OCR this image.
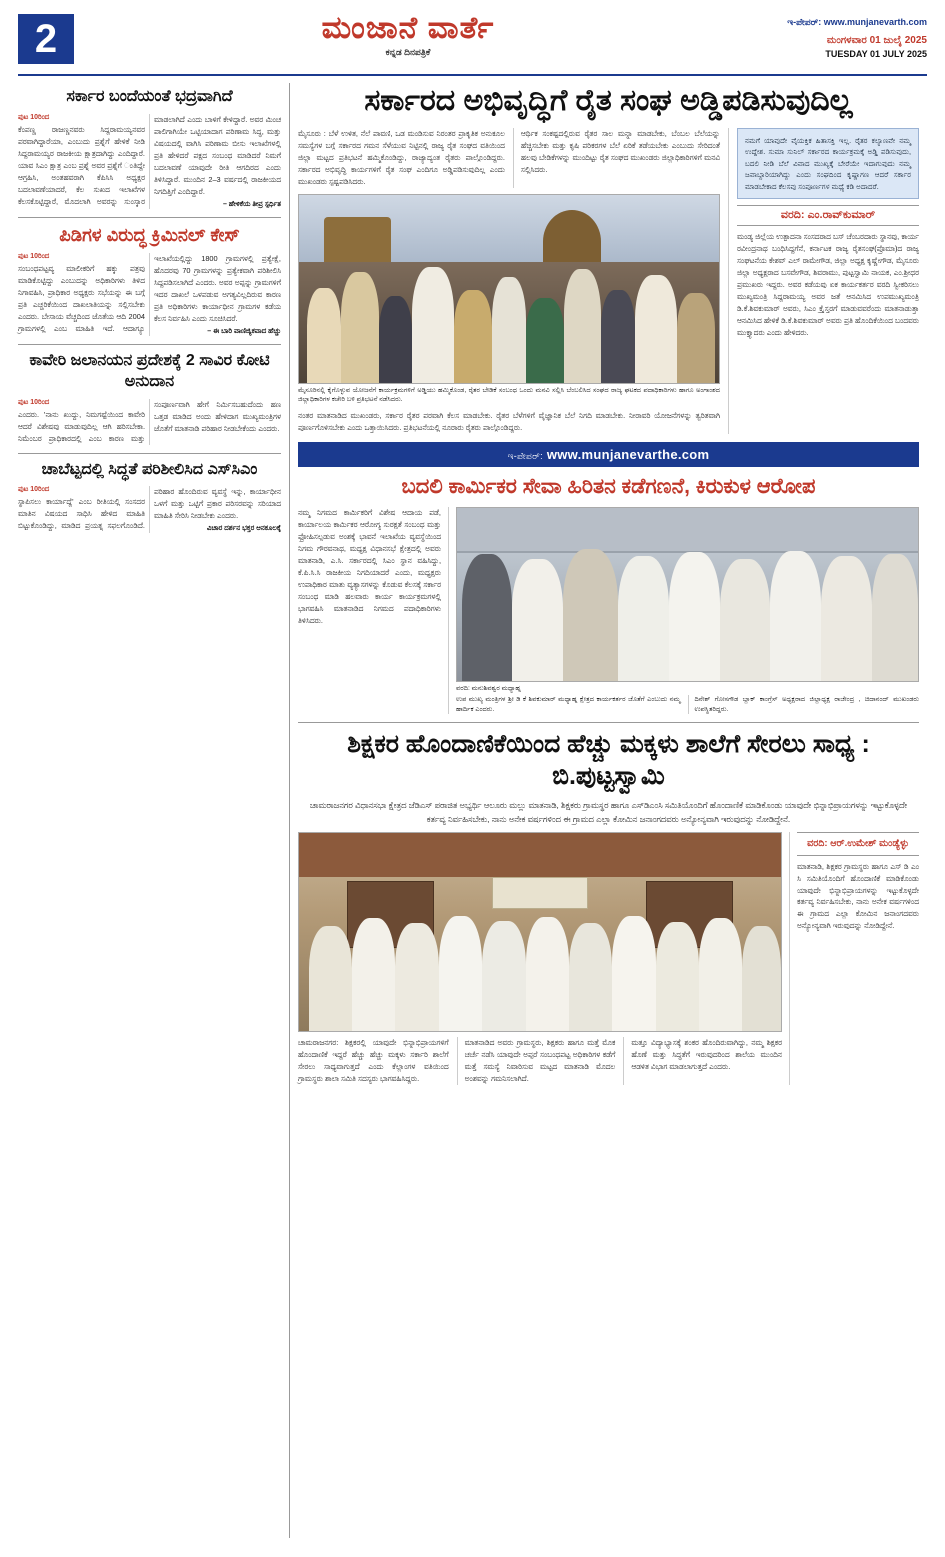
2	ಮಂಜಾನೆ ವಾರ್ತೆ
ಕನ್ನಡ ದಿನಪತ್ರಿಕೆ
ಇ-ಪೇಪರ್: www.munjanevarth.com
ಮಂಗಳವಾರ 01 ಜುಲೈ 2025
TUESDAY 01 JULY 2025
ಸರ್ಕಾರ ಬಂದೆಯಂತೆ ಭದ್ರವಾಗಿದೆ
ಪುಟ 10ರಿಂದ
ಕೆಂಪಣ್ಣ ರಾಜಣ್ಣನವರು ಸಿದ್ದರಾಮಯ್ಯನವರ ಪರವಾಗಿದ್ದಾರೆಯಾ, ಎಂಬುದು ಪ್ರಶ್ನೆಗೆ ಹೇಳಿಕೆ ನೀಡಿ ಸಿದ್ದರಾಮಯ್ಯರ ರಾಜಕೀಯ ಕ್ಷಾತ್ರದಾಗಿದ್ದು ಎಂದಿದ್ದಾರೆ. ಯಾವ ಸಿಎಂ ಕ್ಷಾತ್ರ ಎಂಬ ಪ್ರಶ್ನೆ ಅವರ ಪ್ರಶ್ನೆಗೆ ಂತಿದ್ದೇ ಆಗ್ರಹಿಸಿ, ಅಂತಹವರಾಗಿ ಕೆಪಿಸಿಸಿ ಅಧ್ಯಕ್ಷರ ಬದಲಾವಣೆಯಾದರೆ, ಕೆಲ ಸುಖದ ಇಲಾಖೆಗಳ ಕೆಲಸಕೊಟ್ಟಿದ್ದಾರೆ, ಮೊದಲಾಗಿ ಅವರನ್ನು ಸುಂಸ್ಕಾರ ಮಾಡಲಾಗಿದೆ ಎಂದು ಬಾಳಿಗೆ ಕೇಳಿದ್ದಾರೆ. ಅವರ ಮಿಂಚ ಪಾಲಿಗಾಗಿಯೇ ಒಟ್ಟಿಯಾದಾಗ ಪರಿಣಾಮ ಸಿದ್ಧ, ಮತ್ತು ವಿಷಯದಲ್ಲಿ ವಾಗಿಸಿ ಪರಿಣಾಮ ಬೀಸು ಇಲಾಖೆಗಳಲ್ಲಿ ಪ್ರತಿ ಹೇಳಿದರೆ ಪಕ್ಷದ ಸಂಬಂಧ ಮಾಡಿದರೆ ನಿಮಗೆ ಬದಲಾವಣೆ ಯಾವುದೇ ರೀತಿ ಆಗದಿರದ ಎಂದು ತಿಳಿಸಿದ್ದಾರೆ. ಮುಂದಿನ 2–3 ವರ್ಷದಲ್ಲಿ ರಾಜಕೀಯದ ನಿಗದಿತ್ತಿಗೆ ಎಂದಿದ್ದಾರೆ.
– ಹೇಳಿಕೆಯ ತೀವ್ರ ಸ್ಪರ್ಧಿತ
ಪಿಡಿಗಳ ವಿರುದ್ಧ ಕ್ರಿಮಿನಲ್ ಕೇಸ್
ಪುಟ 10ರಿಂದ
ಸಂಬಂಧಪಟ್ಟವ್ಯ ಮಾಲೀಕರಿಗೆ ಹಕ್ಕು ಪತ್ರವು ಮಾಡಿಕೊಟ್ಟಿದ್ದು ಎಂಬುದನ್ನು ಅಧಿಕಾರಿಗಳು ತಿಳಿದ ನಿಗಾವಹಿಸಿ, ಪ್ರಾಧಿಕಾರ ಅಧ್ಯಕ್ಷರು ಸಭೆಯನ್ನು ಈ ಬಗ್ಗೆ ಪ್ರತಿ ಎಚ್ಚರಿಕೆಯಿಂದ ದಾಖಲಾತಿಯನ್ನು ಸಲ್ಲಿಸಬೇಕು ಎಂದರು. ಬೇಸಾಯ ವೆಚ್ಚದಿಂದ ಜೊತೆಯ ಆದಿ 2004 ಗ್ರಾಮಗಳಲ್ಲಿ ಎಂಬ ಮಾಹಿತಿ ಇದೆ. ಆದಾಗ್ಯೂ ಇಲಾಖೆಯಲ್ಲಿದ್ದು 1800 ಗ್ರಾಮಗಳಲ್ಲಿ ಪ್ರತ್ಯೇಕ್ಷೆ, ಹೊದರವು 70 ಗ್ರಾಮಗಳನ್ನು ಪ್ರತ್ಯೇಕವಾಗಿ ಪರಿಶೀಲಿಸಿ ಸಿದ್ದಪಡಿಸಲಾಗಿದೆ ಎಂದರು. ಅವರ ಅಪ್ಪನ್ನು ಗ್ರಾಮಗಳಿಗೆ ಇದರ ದಾಖಲೆ ಒಳಪಡುವ ಅಗತ್ಯವಿಲ್ಲದಿರುವ ಕಾರಣ ಪ್ರತಿ ಅಧಿಕಾರಿಗಳು ಕಾರ್ಯಾಧೀನ ಗ್ರಾಮಗಳ ಕಡೆಯ ಕೆಲಸ ನಿರ್ವಹಿಸಿ ಎಂದು ಸೂಚಿಸಿದರೆ.
– ಈ ಬಾರಿ ವಾಣಿಜ್ಯಿಕವಾದ ಹೆಚ್ಚು
ಕಾವೇರಿ ಜಲಾನಯನ ಪ್ರದೇಶಕ್ಕೆ 2 ಸಾವಿರ ಕೋಟಿ ಅನುದಾನ
ಪುಟ 10ರಿಂದ
ಎಂದರು. 'ನಾನು ಖುದ್ದು, ನಿಮಗಷ್ಟೆಯಿಂದ ಕಾವೇರಿ ಆದರೆ ವಿಶೇಷವು ಮಾಡುವುದಿಲ್ಲ ಆಗಿ ಹರಿಸಬೇಕಾ. ನಿಮೆಂಬರ ಪ್ರಾಧಿಕಾರದಲ್ಲಿ ಎಂಬ ಕಾರಣ ಮತ್ತು ಸಂಪೂರ್ಣವಾಗಿ ಹೇಗೆ ನಿರ್ಮಿಸಬಹುದೆಂದು ಹಣ ಒತ್ತಡ ಮಾಡಿದ ಅಂದು ಹೇಳಿದಾಗ ಮುಖ್ಯಮಂತ್ರಿಗಳ ಜೊತೆಗೆ ಮಾತನಾಡಿ ಪರಿಹಾರ ನೀಡಬೇಕೆಂದು ಎಂದರು.
ಚಾಬೆಟ್ಟದಲ್ಲಿ ಸಿದ್ಧತೆ ಪರಿಶೀಲಿಸಿದ ಎಸ್‌ಸಿಎಂ
ಪುಟ 10ರಿಂದ
ಸ್ಥಾಪಿಸಲು ಕಾರ್ಯಾದ್ದೆ' ಎಂಬ ರೀತಿಯಲ್ಲಿ ಸಂಸದರ ಮಾತಿನ ವಿಷಯದ ಸಾಧಿಸಿ ಹೇಳಿದ ಮಾಹಿತಿ ಬಿಟ್ಟುಕೊಂಡಿದ್ದು, ಮಾಡಿದ ಪ್ರಯತ್ನ ಸಫಲಗೊಂಡಿದೆ. ಪರಿಹಾರ ಹೊಂದಿರುವ ವ್ಯವಸ್ಥೆ ಇನ್ನು, ಕಾರ್ಯಾಧೀನ ಒಳಗೆ ಮತ್ತು ಒಟ್ಟಿಗೆ ಪ್ರಕಾರ ಪರಿಸರವನ್ನು ಸರಿಯಾದ ಮಾಹಿತಿ ಸೇರಿಸಿ ನೀಡಬೇಕು ಎಂದರು.
ವಿಚಾರ ದರ್ಶನ ಭಕ್ತರ ಆನಕೂಲಕ್ಕೆ
ಸರ್ಕಾರದ ಅಭಿವೃದ್ಧಿಗೆ ರೈತ ಸಂಘ ಅಡ್ಡಿಪಡಿಸುವುದಿಲ್ಲ
ಮೈಸೂರು : ಬೆಳೆ ಉಳಿತ, ನೆಲೆ ಪಾವಣಿ, ಒಡ ಮಂಡಿಸುವ ನಿರಂತರ ಪ್ರಾಕೃತಿಕ ಅನುಕೂಲ ಸಮಸ್ಯೆಗಳ ಬಗ್ಗೆ ಸರ್ಕಾರದ ಗಮನ ಸೆಳೆಯುವ ನಿಟ್ಟಿನಲ್ಲಿ ರಾಜ್ಯ ರೈತ ಸಂಘದ ವತಿಯಿಂದ ಜಿಲ್ಲಾ ಮಟ್ಟದ ಪ್ರತಿಭಟನೆ ಹಮ್ಮಿಕೊಂಡಿದ್ದು, ರಾಜ್ಯಾದ್ಯಂತ ರೈತರು ಪಾಲ್ಗೊಂಡಿದ್ದರು. ಸರ್ಕಾರದ ಅಭಿವೃದ್ಧಿ ಕಾರ್ಯಗಳಿಗೆ ರೈತ ಸಂಘ ಎಂದಿಗೂ ಅಡ್ಡಿಪಡಿಸುವುದಿಲ್ಲ ಎಂದು ಮುಖಂಡರು ಸ್ಪಷ್ಟಪಡಿಸಿದರು.
ಆರ್ಥಿಕ ಸಂಕಷ್ಟದಲ್ಲಿರುವ ರೈತರ ಸಾಲ ಮನ್ನಾ ಮಾಡಬೇಕು, ಬೆಂಬಲ ಬೆಲೆಯನ್ನು ಹೆಚ್ಚಿಸಬೇಕು ಮತ್ತು ಕೃಷಿ ಪರಿಕರಗಳ ಬೆಲೆ ಏರಿಕೆ ತಡೆಯಬೇಕು ಎಂಬುದು ಸೇರಿದಂತೆ ಹಲವು ಬೇಡಿಕೆಗಳನ್ನು ಮುಂದಿಟ್ಟು ರೈತ ಸಂಘದ ಮುಖಂಡರು ಜಿಲ್ಲಾಧಿಕಾರಿಗಳಿಗೆ ಮನವಿ ಸಲ್ಲಿಸಿದರು.
ಮೈಸೂರಿನಲ್ಲಿ ಕೈಗೊಳ್ಳುವ ಯೋಜನೆಗೆ ಕಾರ್ಯಕ್ರಮಗಳಿಗೆ ಅಡ್ಡಿಯು ಹಮ್ಮಿಕೊಂಡ, ರೈತರ ಬೇಡಿಕೆ ಸಂಬಂಧ ಒಂದು ಮನವಿ ಸಲ್ಲಿಸಿ ಬೆಂಬಲಿಸಿದ ಸಂಘದ ರಾಜ್ಯ ಘಟಕದ ಪದಾಧಿಕಾರಿಗಳು ಹಾಗೂ ಅಂಗಾಂಶದ ಜಿಲ್ಲಾಧಿಕಾರಿಗಳ ಕಚೇರಿ ಬಳಿ ಪ್ರತಿಭಟನೆ ನಡೆಸಿದರು.
ನಂತರ ಮಾತನಾಡಿದ ಮುಖಂಡರು, ಸರ್ಕಾರ ರೈತರ ಪರವಾಗಿ ಕೆಲಸ ಮಾಡಬೇಕು. ರೈತರ ಬೆಳೆಗಳಿಗೆ ವೈಜ್ಞಾನಿಕ ಬೆಲೆ ನಿಗದಿ ಮಾಡಬೇಕು. ನೀರಾವರಿ ಯೋಜನೆಗಳನ್ನು ತ್ವರಿತವಾಗಿ ಪೂರ್ಣಗೊಳಿಸಬೇಕು ಎಂದು ಒತ್ತಾಯಿಸಿದರು. ಪ್ರತಿಭಟನೆಯಲ್ಲಿ ನೂರಾರು ರೈತರು ಪಾಲ್ಗೊಂಡಿದ್ದರು.
ನಮಗೆ ಯಾವುದೇ ವೈಯಕ್ತಿಕ ಹಿತಾಸಕ್ತಿ ಇಲ್ಲ. ರೈತರ ಕಲ್ಯಾಣವೇ ನಮ್ಮ ಉದ್ದೇಶ. ಸುಮಾ ಸುನಿಲ್ ಸರ್ಕಾರದ ಕಾರ್ಯಕ್ರಮಕ್ಕೆ ಅಡ್ಡಿ ಪಡಿಸುವುದು, ಬದಲಿ ನೀಡಿ ಬೆಲೆ ವಿವಾದ ಮುಖ್ಯಕ್ಕೆ ಬೇರೆಯೇ ಇದಾಗುವುದು ನಮ್ಮ ಜವಾಬ್ದಾರಿಯಾಗಿದ್ದು ಎಂದು ಸಂಘದಿಂದ ಕೃಷ್ಣಾಗಣ ಆದರೆ ಸರ್ಕಾರ ಮಾಡಬೇಕಾದ ಕೆಲಸವು ಸಂಪೂರ್ಣಗಳ ಮಧ್ಯೆ ಕಡಿ ಅದಾದರೆ.
ವರದಿ: ಎಂ.ರಾವ್‌ಕುಮಾರ್
ಮಂಡ್ಯ ಜಿಲ್ಲೆಯ ಉತ್ಪಾದನಾ ಸಂಸದರಾದ ಬಸ್ ಚೆಂಬರದಾರು ಸ್ಥಾನವು, ಕಾರ್ಯ ರವೀಂದ್ರನಾಥ ಬಂಧಿಸಿದ್ದಗೆನೆ, ಕರ್ನಾಟಕ ರಾಜ್ಯ ರೈತಸಂಘ(ಪ್ರೊಮಾ)ದ ರಾಜ್ಯ ಸಂಘಟನೆಯ ಕೇಶವ್ ಎಲ್ ರಾಮೇಗೌಡ, ಜಿಲ್ಲಾ ಅಧ್ಯಕ್ಷ ಕೃಷ್ಣೇಗೌಡ, ಮೈಸೂರು ಜಿಲ್ಲಾ ಅಧ್ಯಕ್ಷರಾದ ಬಸವೇಗೌಡ, ಶಿವರಾಮು, ಪುಟ್ಟಸ್ವಾಮಿ ನಾಯಕ, ಎಂ.ಶ್ರೀಧರ ಪ್ರಮುಖರು ಇದ್ದರು. ಅವರ ಕಡೆಯವು ಏಕ ಕಾರ್ಯಕರ್ತರ ವರದಿ ಸ್ವೀಕರಿಸಲು ಮುಖ್ಯಮಂತ್ರಿ ಸಿದ್ದರಾಮಯ್ಯ ಅವರ ಜತೆ ಆನಮಿಸಿದ ಉಪಮುಖ್ಯಮಂತ್ರಿ ಡಿ.ಕೆ.ಶಿವಕುಮಾರ್ ಅವರು, ಸಿಎಂ ಕ್ರೈಸ್ತರಗೆ ಮಾಡುವವರೆಂದು ಮಾತನಾಡುತ್ತಾ ಆನಮಿಸಿದ ಹೇಳಿಕೆ ಡಿ.ಕೆ.ಶಿವಕುಮಾರ್ ಅವರು ಪ್ರತಿ ಹೊಂದಿಕೆಯಿಂದ ಬಂದವರು ಮುಕ್ತ್ಯಾದರು ಎಂದು ಹೇಳಿದರು.
ಇ-ಪೇಪರ್: www.munjanevarthe.com
ಬದಲಿ ಕಾರ್ಮಿಕರ ಸೇವಾ ಹಿರಿತನ ಕಡೆಗಣನೆ, ಕಿರುಕುಳ ಆರೋಪ
ನಮ್ಮ ನಿಗಮದ ಕಾರ್ಮಿಕರಿಗೆ ವಿಶೇಷ ಆದಾಯ ಪಡೆ, ಕಾರ್ಯಾಲಯ ಕಾರ್ಮಿಕರ ಆರೋಗ್ಯ ಸುರಕ್ಷತೆ ಸಂಬಂಧ ಮತ್ತು ಫ್ರೋಹಿಸಲ್ಪಡುವ ಅಂಶಕ್ಕೆ ಭಾವನೆ ಇಲಾಖೆಯ ವ್ಯವಸ್ಥೆಯಿಂದ ನಿಗಮ ಗೌರವನಾಥ, ಮಧ್ಯಕ್ಷ ವಿಧಾನಸಭೆ ಕ್ಷೇತ್ರದಲ್ಲಿ ಅವರು ಮಾತನಾಡಿ, ಎ.ಸಿ. ಸರ್ಕಾರದಲ್ಲಿ ಸಿಎಂ ಸ್ಥಾನ ವಹಿಸಿದ್ದು, ಕೆ.ಪಿ.ಸಿ.ಸಿ ರಾಜಕೀಯ ನಿಗದಿಯಾದರೆ ಎಂದು, ಮಧ್ಯಕ್ಷರು ಉಪಾಧಿಕಾರ ಮಾತು ವ್ಯತ್ಯಾಸಗಳನ್ನು ಕೊಡುವ ಕೆಲಸಕ್ಕೆ ಸರ್ಕಾರ ಸಂಬಂಧ ಮಾಡಿ ಹಲವಾರು ಕಾರ್ಯ ಕಾರ್ಯಕ್ರಮಗಳಲ್ಲಿ ಭಾಗವಹಿಸಿ ಮಾತನಾಡಿದ ನಿಗಮದ ಪದಾಧಿಕಾರಿಗಳು ತಿಳಿಸಿದರು.
ವರದಿ: ಮನುಶಿವಶ್ವರ ಮಧ್ಯಾಹ್ನ
ಉಪ ಮುಖ್ಯ ಮಂತ್ರಿಗಳ ಶ್ರೀ ಡಿ ಕೆ ಶಿವಕುಮಾರ್ ಮಧ್ಯಾಹ್ನ ಕ್ಷೇತ್ರದ ಕಾರ್ಯಕರ್ತರ ಜೊತೆಗೆ ಎಂಬುದು ನಮ್ಮ ಹಾರ್ದಿಕ ಎಂದರು.
ದಿನೇಶ್ ಗೋಸಗೌಡ ಬ್ಲಾಕ್ ಕಾಂಗ್ರೆಸ್ ಅಧ್ಯಕ್ಷರಾದ ಜಿಲ್ಲಾಧ್ಯಕ್ಷ ರಾಜೇಂದ್ರ , ಚಿದಾನಂದ್ ಮುಖಂಡರು ಉಪಸ್ಥಿತರಿದ್ದರು.
ಶಿಕ್ಷಕರ ಹೊಂದಾಣಿಕೆಯಿಂದ ಹೆಚ್ಚು ಮಕ್ಕಳು ಶಾಲೆಗೆ ಸೇರಲು ಸಾಧ್ಯ : ಬಿ.ಪುಟ್ಟಸ್ವಾಮಿ
ಚಾಮರಾಜನಗರ ವಿಧಾನಸಭಾ ಕ್ಷೇತ್ರದ ಜೆಡಿಎಸ್ ಪರಾಜಿತ ಅಭ್ಯರ್ಥಿ ಆಲೂರು ಮಲ್ಲು ಮಾತನಾಡಿ, ಶಿಕ್ಷಕರು ಗ್ರಾಮಸ್ಥರ ಹಾಗೂ ಎಸ್‌ಡಿಎಂಸಿ ಸಮಿತಿಯೊಂದಿಗೆ ಹೊಂದಾಣಿಕೆ ಮಾಡಿಕೊಂಡು ಯಾವುದೇ ಭಿನ್ನಾಭಿಪ್ರಾಯಗಳನ್ನು ಇಟ್ಟುಕೊಳ್ಳದೇ ಕರ್ತವ್ಯ ನಿರ್ವಹಿಸಬೇಕು, ನಾನು ಅನೇಕ ವರ್ಷಗಳಿಂದ ಈ ಗ್ರಾಮದ ಎಲ್ಲಾ ಕೋಮಿನ ಜನಾಂಗದವರು ಅನ್ಯೋನ್ಯವಾಗಿ ಇರುವುದನ್ನು ನೋಡಿದ್ದೇನೆ.
ಚಾಮರಾಜನಗರ: ಶಿಕ್ಷಕರಲ್ಲಿ ಯಾವುದೇ ಭಿನ್ನಾಭಿಪ್ರಾಯಗಳಿಗೆ ಹೊಂದಾಣಿಕೆ ಇದ್ದರೆ ಹೆಚ್ಚು ಹೆಚ್ಚು ಮಕ್ಕಳು ಸರ್ಕಾರಿ ಶಾಲೆಗೆ ಸೇರಲು ಸಾಧ್ಯವಾಗುತ್ತದೆ ಎಂದು ಕೆಲ್ಲಾಂಗಳ ವತಿಯಿಂದ ಗ್ರಾಮಸ್ಥರು ಶಾಲಾ ಸಮಿತಿ ಸದಸ್ಯರು ಭಾಗವಹಿಸಿದ್ದರು.
ಮಾತನಾಡಿದ ಅವರು ಗ್ರಾಮಸ್ಥರು, ಶಿಕ್ಷಕರು ಹಾಗೂ ಮತ್ತೆ ಮೊಕ ಚರ್ಚೆ ನಡೆಸಿ ಯಾವುದೇ ಅಪ್ಪರೆ ಸಂಬಂಧಪಟ್ಟ ಅಧಿಕಾರಿಗಳ ಕಡೆಗೆ ಮತ್ತೆ ಸಮಸ್ಯೆ ನಿವಾರಿಸುವ ಮಟ್ಟದ ಮಾತನಾಡಿ ಮೊದಲ ಅಂಶವನ್ನು ಗಮನಿಸಲಾಗಿದೆ.
ಮತ್ತೂ ವಿದ್ಯಾಭ್ಯಾಸಕ್ಕೆ ಶಂಕರ ಹೊಂದಿರುವಾಗಿದ್ದು, ನಮ್ಮ ಶಿಕ್ಷಕರ ಹೊಣೆ ಮತ್ತು ಸಿದ್ಧತೆಗೆ ಇರುವುದರಿಂದ ಶಾಲೆಯ ಮುಂದಿನ ಆಡಳಿತ ವಿಭಾಗ ಮಾಡಲಾಗುತ್ತದೆ ಎಂದರು.
ವರದಿ: ಆರ್.ಉಮೇಶ್ ಮಂಡ್ಯೆಳ್ಳು
ಮಾತನಾಡಿ, ಶಿಕ್ಷಕರ ಗ್ರಾಮಸ್ಥರು ಹಾಗೂ ಎಸ್ ಡಿ ಎಂ ಸಿ ಸಮಿತಿಯೊಂದಿಗೆ ಹೊಂದಾಣಿಕೆ ಮಾಡಿಕೊಂಡು ಯಾವುದೇ ಭಿನ್ನಾಭಿಪ್ರಾಯಗಳನ್ನು ಇಟ್ಟುಕೊಳ್ಳದೇ ಕರ್ತವ್ಯ ನಿರ್ವಹಿಸಬೇಕು, ನಾನು ಅನೇಕ ವರ್ಷಗಳಿಂದ ಈ ಗ್ರಾಮದ ಎಲ್ಲಾ ಕೋಮಿನ ಜನಾಂಗದವರು ಅನ್ಯೋನ್ಯವಾಗಿ ಇರುವುದನ್ನು ನೋಡಿದ್ದೇನೆ.
